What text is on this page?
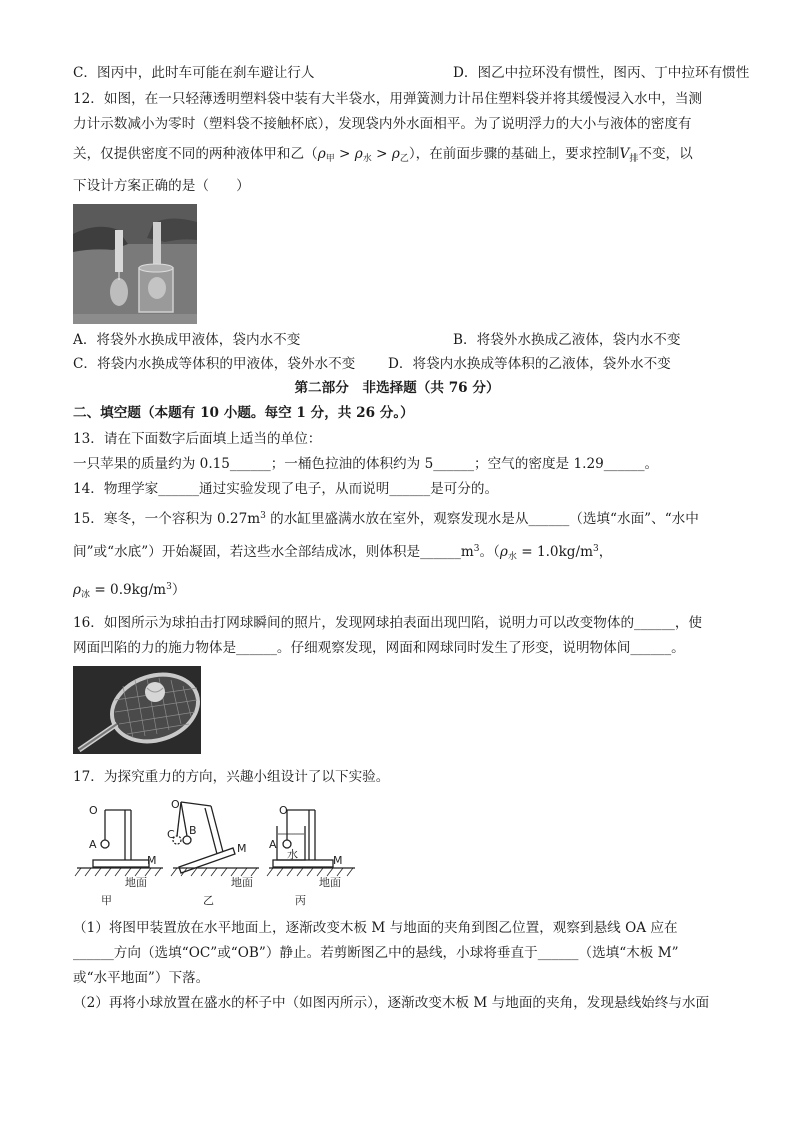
C．图丙中，此时车可能在刹车避让行人	D．图乙中拉环没有惯性，图丙、丁中拉环有惯性
12．如图，在一只轻薄透明塑料袋中装有大半袋水，用弹簧测力计吊住塑料袋并将其缓慢浸入水中，当测
力计示数减小为零时（塑料袋不接触杯底），发现袋内外水面相平。为了说明浮力的大小与液体的密度有
关，仅提供密度不同的两种液体甲和乙$(\rho_甲 > \rho_水 > \rho_乙)$，在前面步骤的基础上，要求控制$V_排$不变，以
下设计方案正确的是（　　）
A．将袋外水换成甲液体，袋内水不变	B．将袋外水换成乙液体，袋内水不变
C．将袋内水换成等体积的甲液体，袋外水不变 D．将袋内水换成等体积的乙液体，袋外水不变
第二部分　非选择题（共 76 分）
二、填空题（本题有 10 小题。每空 1 分，共 26 分。）
13．请在下面数字后面填上适当的单位：
一只苹果的质量约为 0.15______；一桶色拉油的体积约为 5______；空气的密度是 1.29______。
14．物理学家______通过实验发现了电子，从而说明______是可分的。
15．寒冬，一个容积为 $0.27m^3$ 的水缸里盛满水放在室外，观察发现水是从______（选填“水面”、“水中
间”或“水底”）开始凝固，若这些水全部结成冰，则体积是$\_\_\_\_\_\_m^3$。（$\rho_水 = 1.0kg/m^3$，
$\rho_冰 = 0.9kg/m^3$）
16．如图所示为球拍击打网球瞬间的照片，发现网球拍表面出现凹陷，说明力可以改变物体的______，使
网面凹陷的力的施力物体是______。仔细观察发现，网面和网球同时发生了形变，说明物体间______。
17．为探究重力的方向，兴趣小组设计了以下实验。
O
A
M
地面
甲
O
C B
M
地面
乙
O
A
水	M
地面
丙
（1）将图甲装置放在水平地面上，逐渐改变木板 M 与地面的夹角到图乙位置，观察到悬线 OA 应在
______方向（选填“OC”或“OB”）静止。若剪断图乙中的悬线，小球将垂直于______（选填“木板 M”
或“水平地面”）下落。
（2）再将小球放置在盛水的杯子中（如图丙所示），逐渐改变木板 M 与地面的夹角，发现悬线始终与水面
